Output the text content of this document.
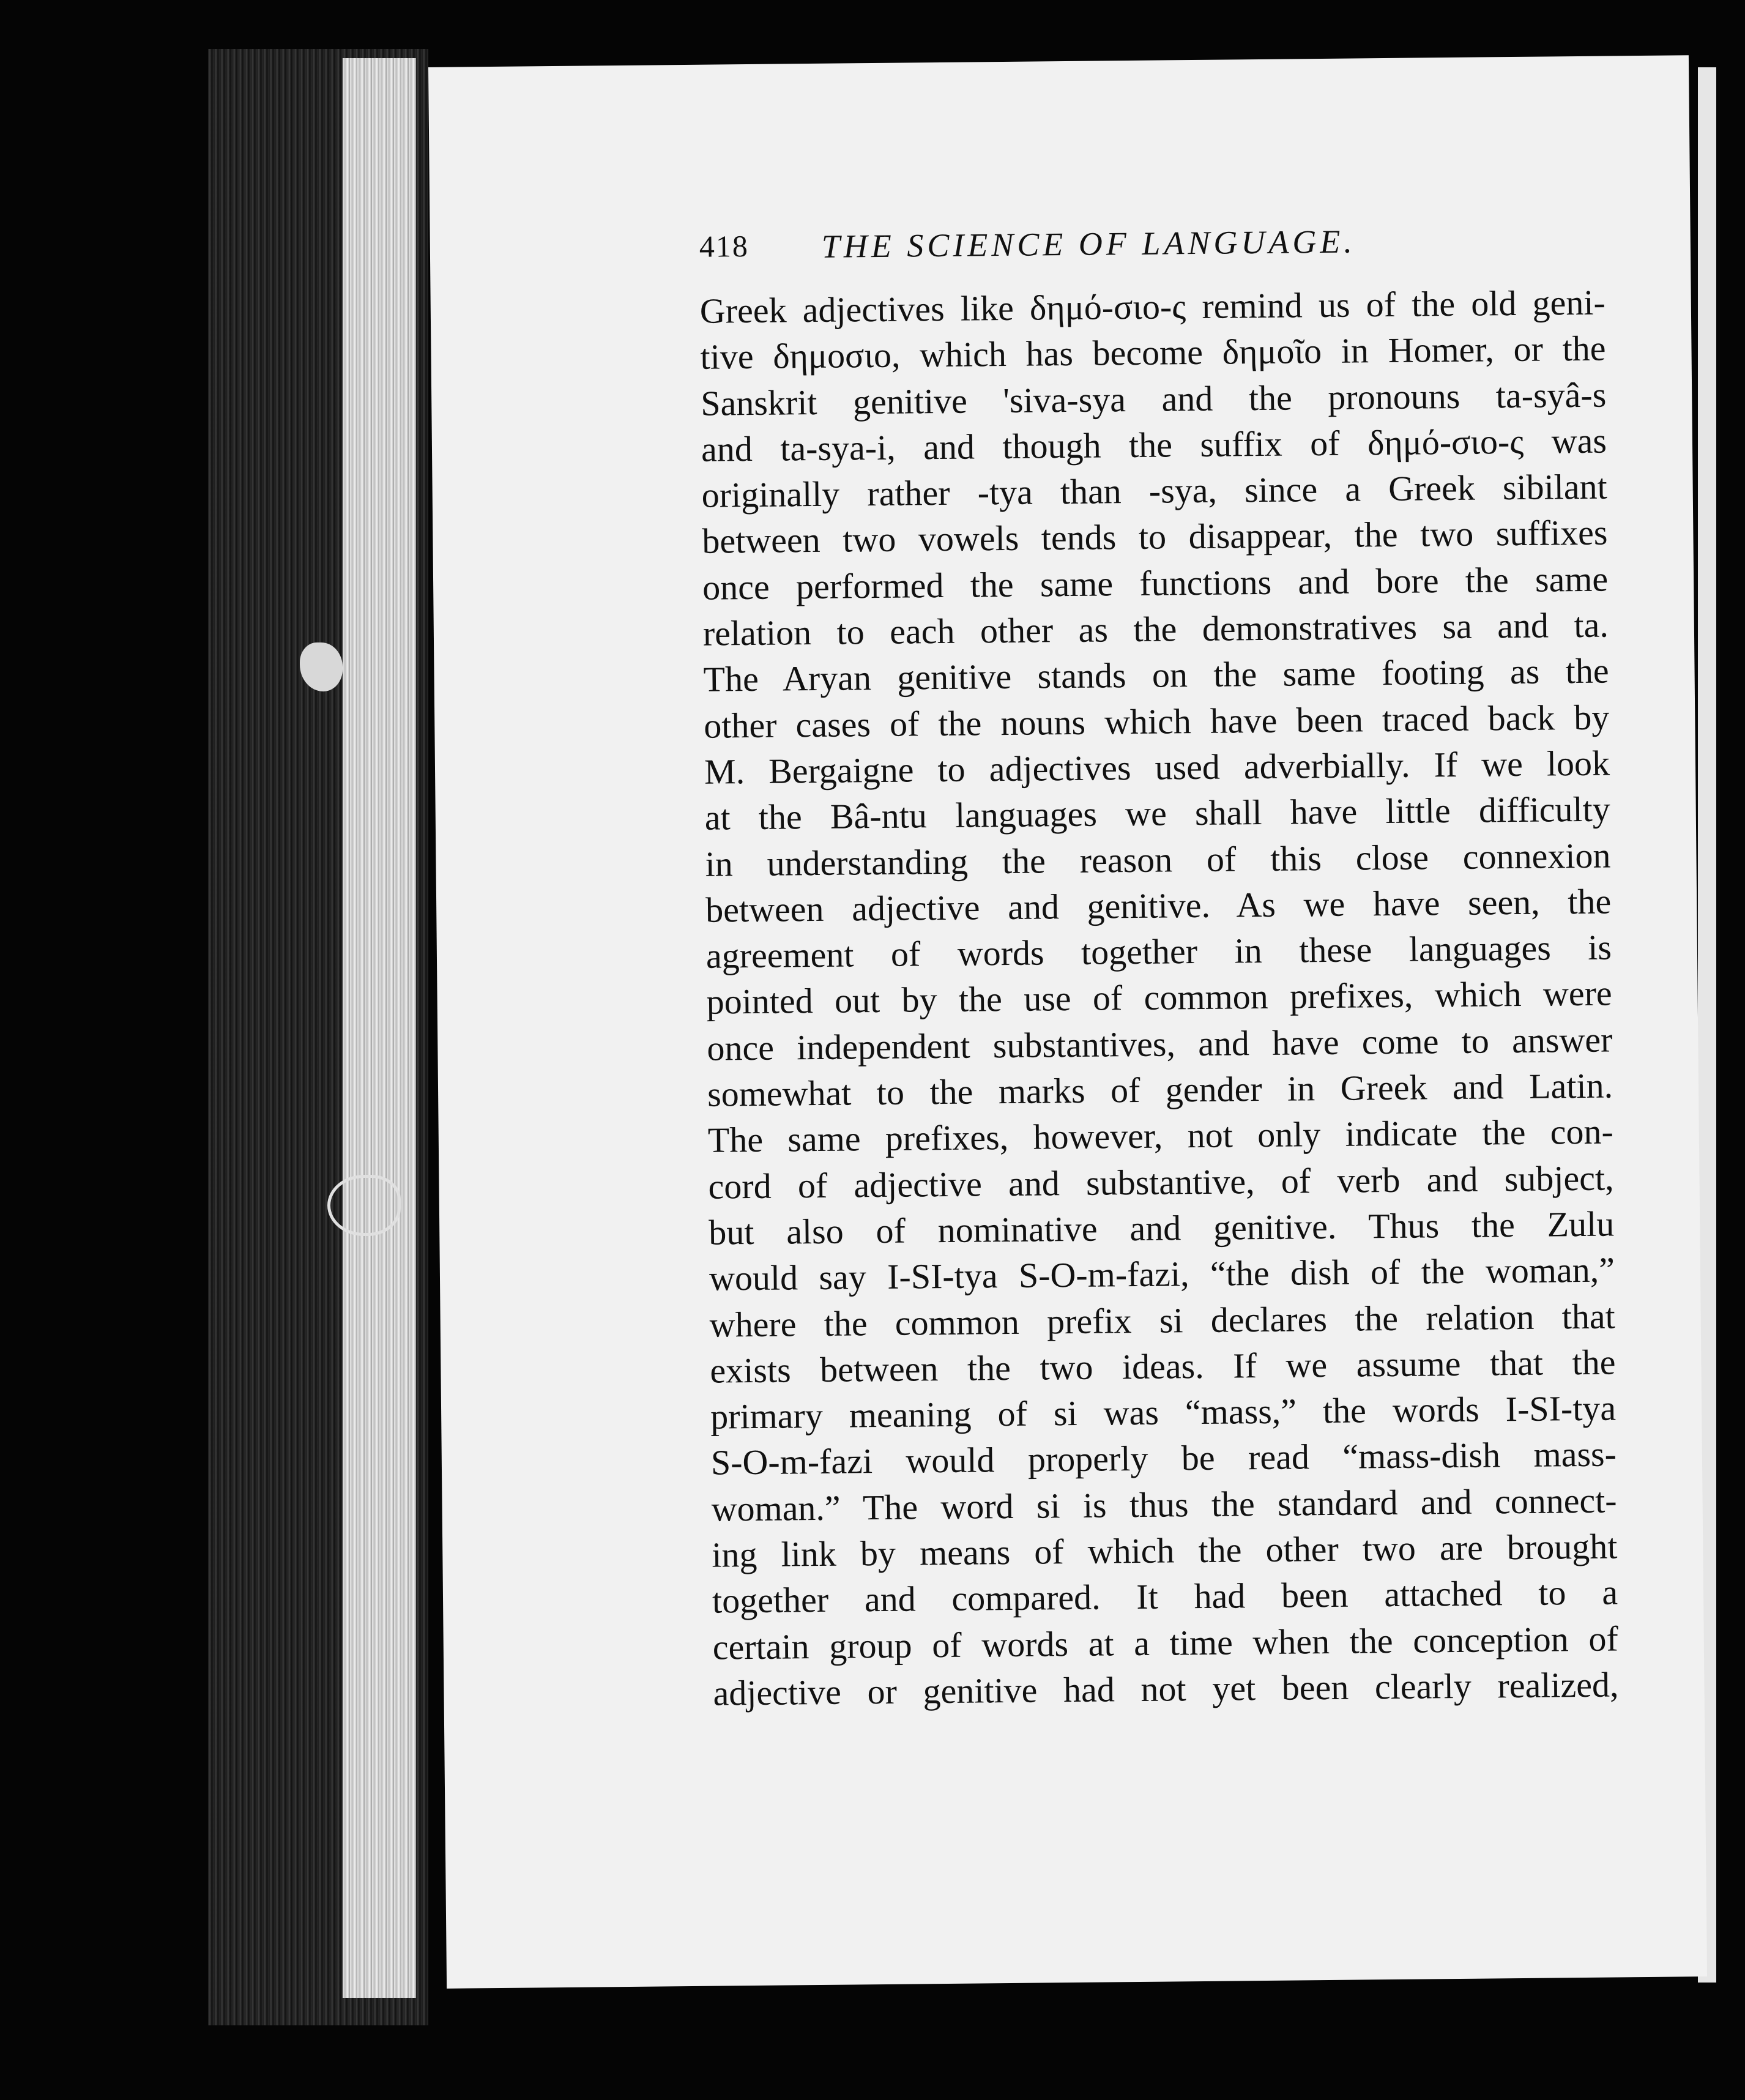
418 THE SCIENCE OF LANGUAGE.
Greek adjectives like δημό-σιο-ς remind us of the old geni-
tive δημοσιο, which has become δημοῖο in Homer, or the
Sanskrit genitive 'siva-sya and the pronouns ta-syâ-s
and ta-sya-i, and though the suffix of δημό-σιο-ς was
originally rather -tya than -sya, since a Greek sibilant
between two vowels tends to disappear, the two suffixes
once performed the same functions and bore the same
relation to each other as the demonstratives sa and ta.
The Aryan genitive stands on the same footing as the
other cases of the nouns which have been traced back by
M. Bergaigne to adjectives used adverbially. If we look
at the Bâ-ntu languages we shall have little difficulty
in understanding the reason of this close connexion
between adjective and genitive. As we have seen, the
agreement of words together in these languages is
pointed out by the use of common prefixes, which were
once independent substantives, and have come to answer
somewhat to the marks of gender in Greek and Latin.
The same prefixes, however, not only indicate the con-
cord of adjective and substantive, of verb and subject,
but also of nominative and genitive. Thus the Zulu
would say I-SI-tya S-O-m-fazi, “the dish of the woman,”
where the common prefix si declares the relation that
exists between the two ideas. If we assume that the
primary meaning of si was “mass,” the words I-SI-tya
S-O-m-fazi would properly be read “mass-dish mass-
woman.” The word si is thus the standard and connect-
ing link by means of which the other two are brought
together and compared. It had been attached to a
certain group of words at a time when the conception of
adjective or genitive had not yet been clearly realized,
